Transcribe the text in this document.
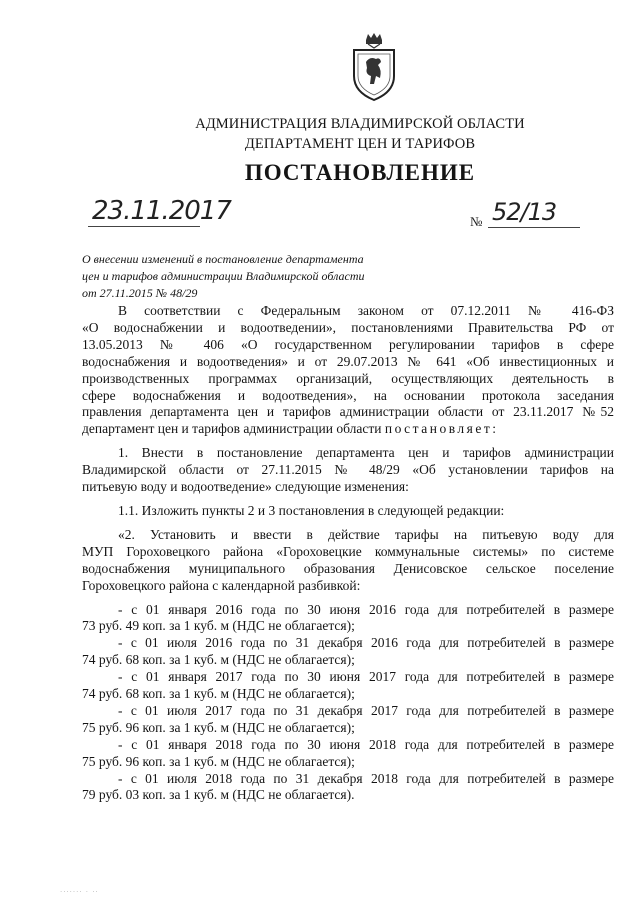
АДМИНИСТРАЦИЯ ВЛАДИМИРСКОЙ ОБЛАСТИ
ДЕПАРТАМЕНТ ЦЕН И ТАРИФОВ
ПОСТАНОВЛЕНИЕ
23.11.2017	№ 52/13
О внесении изменений в постановление департамента
цен и тарифов администрации Владимирской области
от 27.11.2015 № 48/29
В соответствии с Федеральным законом от 07.12.2011 № 416-ФЗ
«О водоснабжении и водоотведении», постановлениями Правительства РФ от
13.05.2013 № 406 «О государственном регулировании тарифов в сфере
водоснабжения и водоотведения» и от 29.07.2013 № 641 «Об инвестиционных и
производственных программах организаций, осуществляющих деятельность в
сфере водоснабжения и водоотведения», на основании протокола заседания
правления департамента цен и тарифов администрации области от 23.11.2017 №52
департамент цен и тарифов администрации области постановляет:
1. Внести в постановление департамента цен и тарифов администрации
Владимирской области от 27.11.2015 № 48/29 «Об установлении тарифов на
питьевую воду и водоотведение» следующие изменения:
1.1. Изложить пункты 2 и 3 постановления в следующей редакции:
«2. Установить и ввести в действие тарифы на питьевую воду для
МУП Гороховецкого района «Гороховецкие коммунальные системы» по системе
водоснабжения муниципального образования Денисовское сельское поселение
Гороховецкого района с календарной разбивкой:
- с 01 января 2016 года по 30 июня 2016 года для потребителей в размере
73 руб. 49 коп. за 1 куб. м (НДС не облагается);
- с 01 июля 2016 года по 31 декабря 2016 года для потребителей в размере
74 руб. 68 коп. за 1 куб. м (НДС не облагается);
- с 01 января 2017 года по 30 июня 2017 года для потребителей в размере
74 руб. 68 коп. за 1 куб. м (НДС не облагается);
- с 01 июля 2017 года по 31 декабря 2017 года для потребителей в размере
75 руб. 96 коп. за 1 куб. м (НДС не облагается);
- с 01 января 2018 года по 30 июня 2018 года для потребителей в размере
75 руб. 96 коп. за 1 куб. м (НДС не облагается);
- с 01 июля 2018 года по 31 декабря 2018 года для потребителей в размере
79 руб. 03 коп. за 1 куб. м (НДС не облагается).
······· · ··
